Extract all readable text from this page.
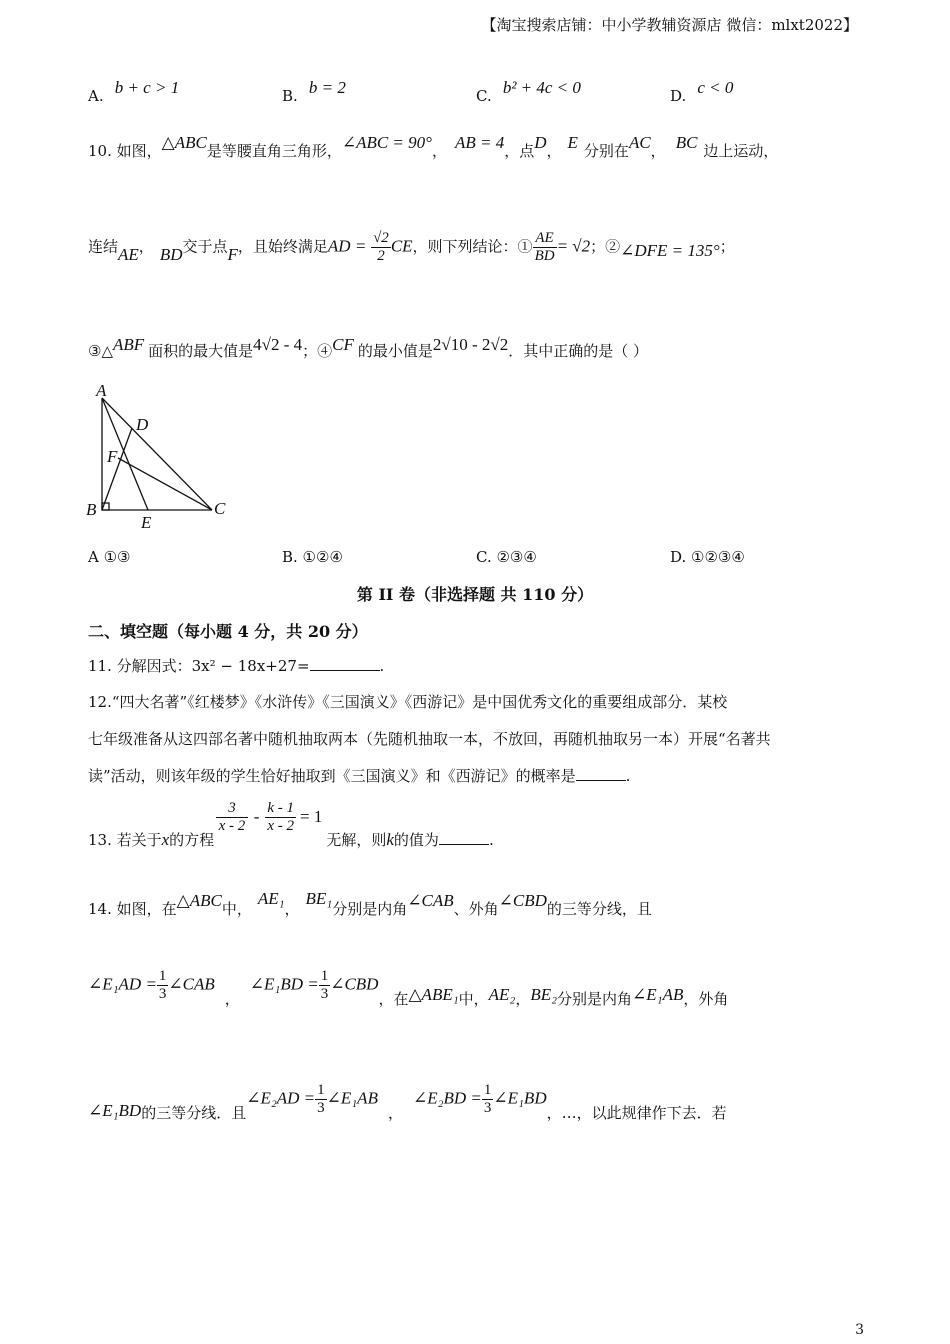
【淘宝搜索店铺：中小学教辅资源店 微信：mlxt2022】
A. b + c > 1	B. b = 2	C. b² + 4c < 0	D. c < 0
10. 如图，△ABC是等腰直角三角形，∠ABC = 90°， AB = 4，点D， E 分别在AC， BC 边上运动，
连结AE， BD交于点F，且始终满足AD = $\frac{√2}{2}$ CE，则下列结论：① $\frac{AE}{BD} = √2$；②∠DFE = 135°；
③△ABF 面积的最大值是4√2 - 4；④CF 的最小值是2√10 - 2√2．其中正确的是（ ）
A
D
F
B
E
C
A ①③	B. ①②④	C. ②③④	D. ①②③④
第 II 卷（非选择题 共 110 分）
二、填空题（每小题 4 分，共 20 分）
11. 分解因式：3x² − 18x+27=	.
12.“四大名著”《红楼梦》《水浒传》《三国演义》《西游记》是中国优秀文化的重要组成部分．某校
七年级准备从这四部名著中随机抽取两本（先随机抽取一本，不放回，再随机抽取另一本）开展“名著共
读”活动，则该年级的学生恰好抽取到《三国演义》和《西游记》的概率是	.
13. 若关于x的方程
$\frac{3}{x - 2} - \frac{k - 1}{x - 2} = 1$无解，则k的值为	.
14. 如图，在△ABC中，AE₁，BE₁分别是内角∠CAB、外角∠CBD的三等分线，且
∠E₁AD = $\frac{1}{3}$ ∠CAB，∠E₁BD = $\frac{1}{3}$ ∠CBD，在△ABE₁中，AE₂，BE₂分别是内角∠E₁AB，外角
∠E₁BD的三等分线．且∠E₂AD = $\frac{1}{3}$ ∠E₁AB，∠E₂BD = $\frac{1}{3}$ ∠E₁BD，…，以此规律作下去．若
3
